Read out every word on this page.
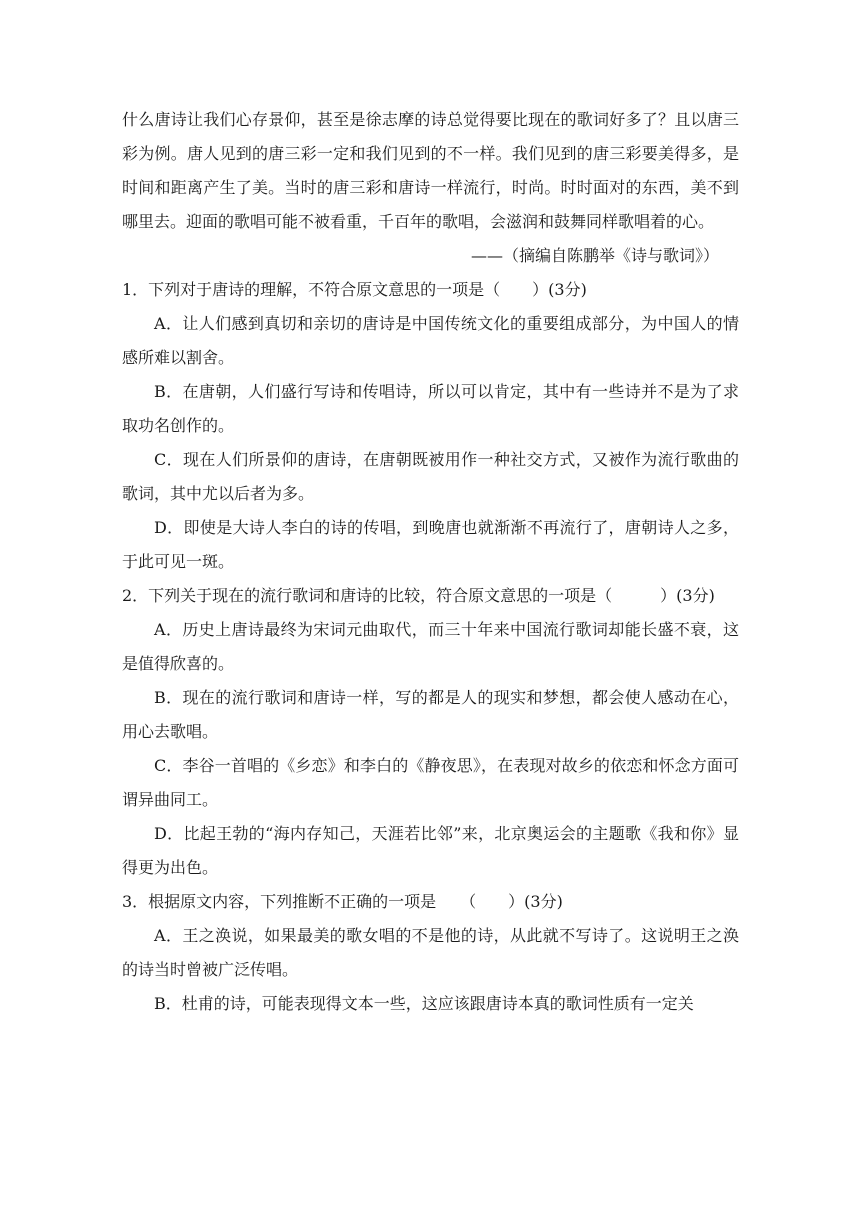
什么唐诗让我们心存景仰，甚至是徐志摩的诗总觉得要比现在的歌词好多了？且以唐三彩为例。唐人见到的唐三彩一定和我们见到的不一样。我们见到的唐三彩要美得多，是时间和距离产生了美。当时的唐三彩和唐诗一样流行，时尚。时时面对的东西，美不到哪里去。迎面的歌唱可能不被看重，千百年的歌唱，会滋润和鼓舞同样歌唱着的心。

——（摘编自陈鹏举《诗与歌词》）

1．下列对于唐诗的理解，不符合原文意思的一项是（　　）(3分)

A．让人们感到真切和亲切的唐诗是中国传统文化的重要组成部分，为中国人的情感所难以割舍。

B．在唐朝，人们盛行写诗和传唱诗，所以可以肯定，其中有一些诗并不是为了求取功名创作的。

C．现在人们所景仰的唐诗，在唐朝既被用作一种社交方式，又被作为流行歌曲的歌词，其中尤以后者为多。

D．即使是大诗人李白的诗的传唱，到晚唐也就渐渐不再流行了，唐朝诗人之多，于此可见一斑。

2．下列关于现在的流行歌词和唐诗的比较，符合原文意思的一项是（　　　）(3分)

A．历史上唐诗最终为宋词元曲取代，而三十年来中国流行歌词却能长盛不衰，这是值得欣喜的。

B．现在的流行歌词和唐诗一样，写的都是人的现实和梦想，都会使人感动在心，用心去歌唱。

C．李谷一首唱的《乡恋》和李白的《静夜思》，在表现对故乡的依恋和怀念方面可谓异曲同工。

D．比起王勃的“海内存知己，天涯若比邻”来，北京奥运会的主题歌《我和你》显得更为出色。

3．根据原文内容，下列推断不正确的一项是　　（　　）(3分)

A．王之涣说，如果最美的歌女唱的不是他的诗，从此就不写诗了。这说明王之涣的诗当时曾被广泛传唱。

B．杜甫的诗，可能表现得文本一些，这应该跟唐诗本真的歌词性质有一定关
